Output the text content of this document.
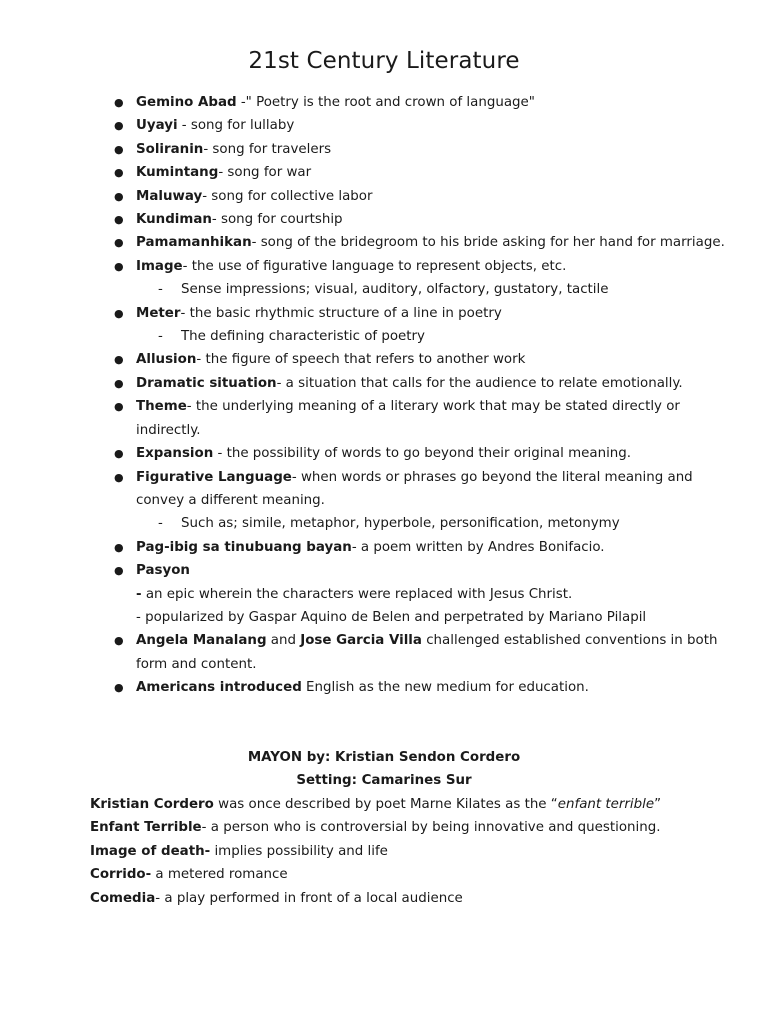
21st Century Literature
● Gemino Abad -" Poetry is the root and crown of language"
● Uyayi - song for lullaby
● Soliranin- song for travelers
● Kumintang- song for war
● Maluway- song for collective labor
● Kundiman- song for courtship
● Pamamanhikan- song of the bridegroom to his bride asking for her hand for marriage.
● Image- the use of figurative language to represent objects, etc.
- Sense impressions; visual, auditory, olfactory, gustatory, tactile
● Meter- the basic rhythmic structure of a line in poetry
- The defining characteristic of poetry
● Allusion- the figure of speech that refers to another work
● Dramatic situation- a situation that calls for the audience to relate emotionally.
● Theme- the underlying meaning of a literary work that may be stated directly or indirectly.
● Expansion - the possibility of words to go beyond their original meaning.
● Figurative Language- when words or phrases go beyond the literal meaning and convey a different meaning.
- Such as; simile, metaphor, hyperbole, personification, metonymy
● Pag-ibig sa tinubuang bayan- a poem written by Andres Bonifacio.
● Pasyon
- an epic wherein the characters were replaced with Jesus Christ.
- popularized by Gaspar Aquino de Belen and perpetrated by Mariano Pilapil
● Angela Manalang and Jose Garcia Villa challenged established conventions in both form and content.
● Americans introduced English as the new medium for education.
MAYON by: Kristian Sendon Cordero
Setting: Camarines Sur
Kristian Cordero was once described by poet Marne Kilates as the “enfant terrible”
Enfant Terrible- a person who is controversial by being innovative and questioning.
Image of death- implies possibility and life
Corrido- a metered romance
Comedia- a play performed in front of a local audience
